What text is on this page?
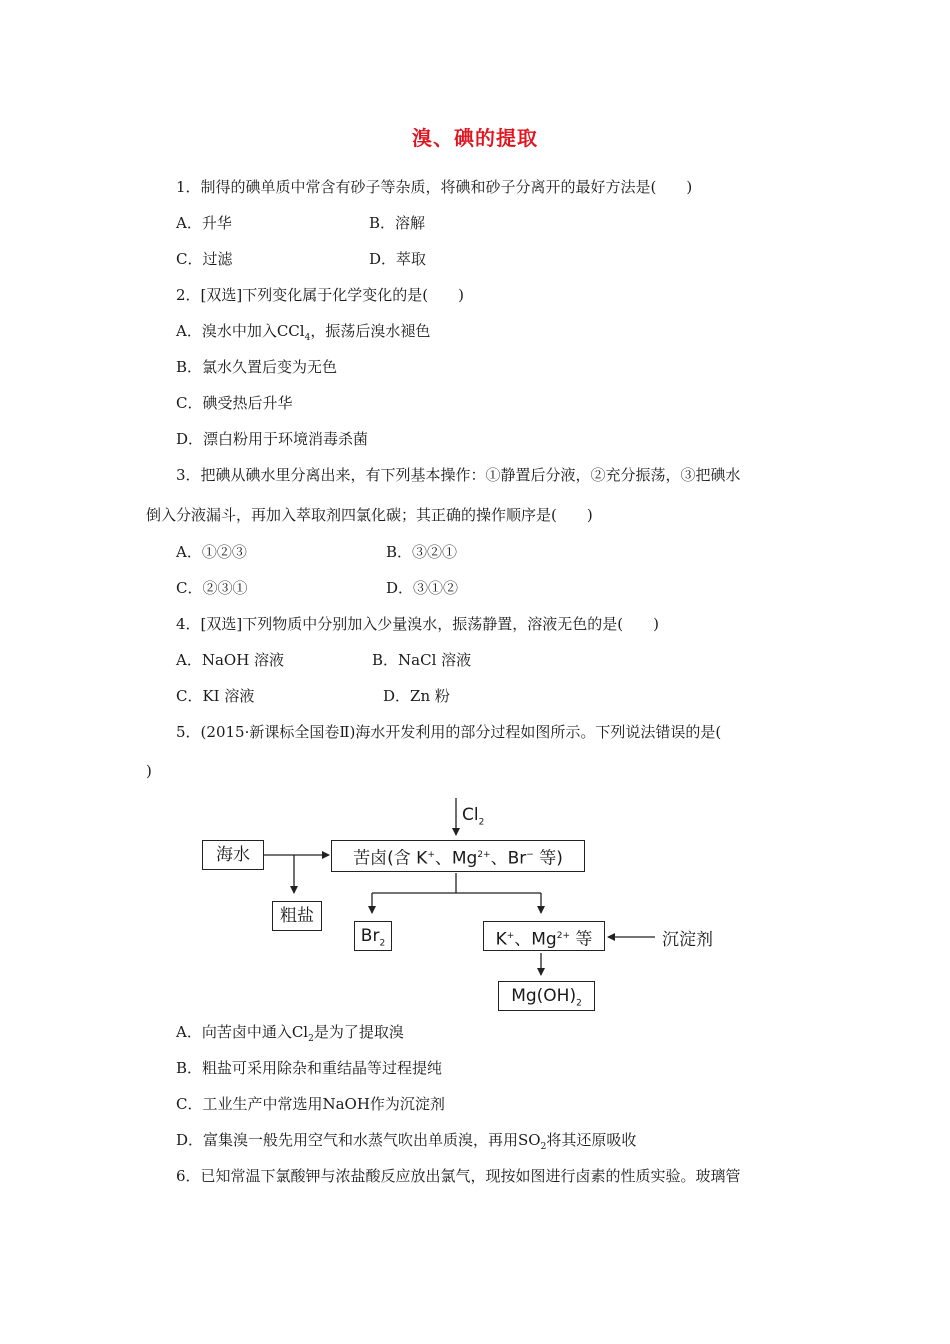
溴、碘的提取
1．制得的碘单质中常含有砂子等杂质，将碘和砂子分离开的最好方法是(　　)
A．升华	B．溶解
C．过滤	D．萃取
2．[双选]下列变化属于化学变化的是(　　)
A．溴水中加入CCl$_4$，振荡后溴水褪色
B．氯水久置后变为无色
C．碘受热后升华
D．漂白粉用于环境消毒杀菌
3．把碘从碘水里分离出来，有下列基本操作：①静置后分液，②充分振荡，③把碘水
倒入分液漏斗，再加入萃取剂四氯化碳；其正确的操作顺序是(　　)
A．①②③	B．③②①
C．②③①	D．③①②
4．[双选]下列物质中分别加入少量溴水，振荡静置，溶液无色的是(　　)
A．NaOH 溶液	B．NaCl 溶液
C．KI 溶液	D．Zn 粉
5．(2015·新课标全国卷Ⅱ)海水开发利用的部分过程如图所示。下列说法错误的是(
)
$Cl_2$
海水	苦卤(含 K+、$Mg^{2+}$、Br− 等)
粗盐
$Br_2$	K+、$Mg^{2+}$ 等	沉淀剂
$Mg(OH)_2$
A．向苦卤中通入$Cl_2$是为了提取溴
B．粗盐可采用除杂和重结晶等过程提纯
C．工业生产中常选用NaOH作为沉淀剂
D．富集溴一般先用空气和水蒸气吹出单质溴，再用$SO_2$将其还原吸收
6．已知常温下氯酸钾与浓盐酸反应放出氯气，现按如图进行卤素的性质实验。玻璃管
